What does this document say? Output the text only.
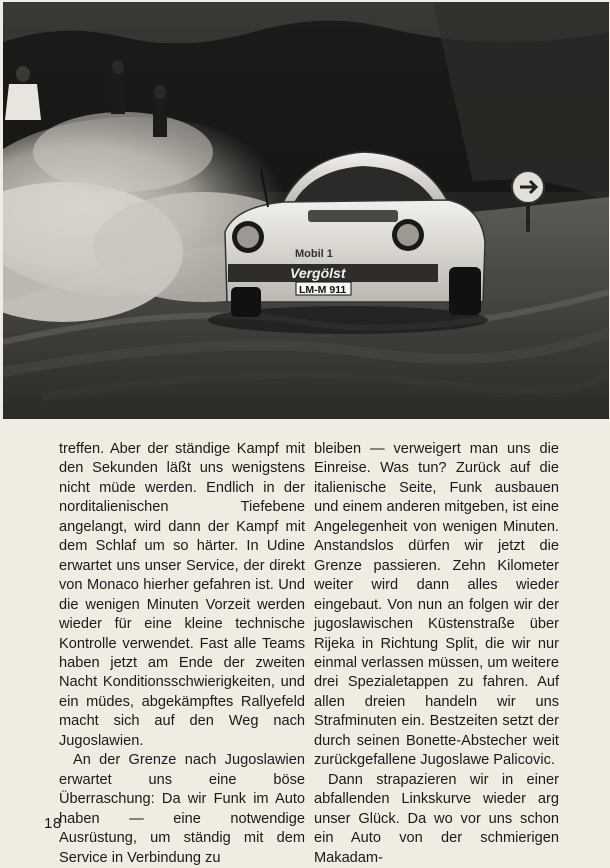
Mobil 1
Vergölst
LM-M 911

treffen. Aber der ständige Kampf mit den Sekunden läßt uns wenigstens nicht müde werden. Endlich in der norditalienischen Tiefebene angelangt, wird dann der Kampf mit dem Schlaf um so härter. In Udine erwartet uns unser Service, der direkt von Monaco hierher gefahren ist. Und die wenigen Minuten Vorzeit werden wieder für eine kleine technische Kontrolle verwendet. Fast alle Teams haben jetzt am Ende der zweiten Nacht Konditionsschwierigkeiten, und ein müdes, abgekämpftes Rallyefeld macht sich auf den Weg nach Jugoslawien.

An der Grenze nach Jugoslawien erwartet uns eine böse Überraschung: Da wir Funk im Auto haben — eine notwendige Ausrüstung, um ständig mit dem Service in Verbindung zu

bleiben — verweigert man uns die Einreise. Was tun? Zurück auf die italienische Seite, Funk ausbauen und einem anderen mitgeben, ist eine Angelegenheit von wenigen Minuten. Anstandslos dürfen wir jetzt die Grenze passieren. Zehn Kilometer weiter wird dann alles wieder eingebaut. Von nun an folgen wir der jugoslawischen Küstenstraße über Rijeka in Richtung Split, die wir nur einmal verlassen müssen, um weitere drei Spezialetappen zu fahren. Auf allen dreien handeln wir uns Strafminuten ein. Bestzeiten setzt der durch seinen Bonette-Abstecher weit zurückgefallene Jugoslawe Palicovic.

Dann strapazieren wir in einer abfallenden Linkskurve wieder arg unser Glück. Da wo vor uns schon ein Auto von der schmierigen Makadam-

18
